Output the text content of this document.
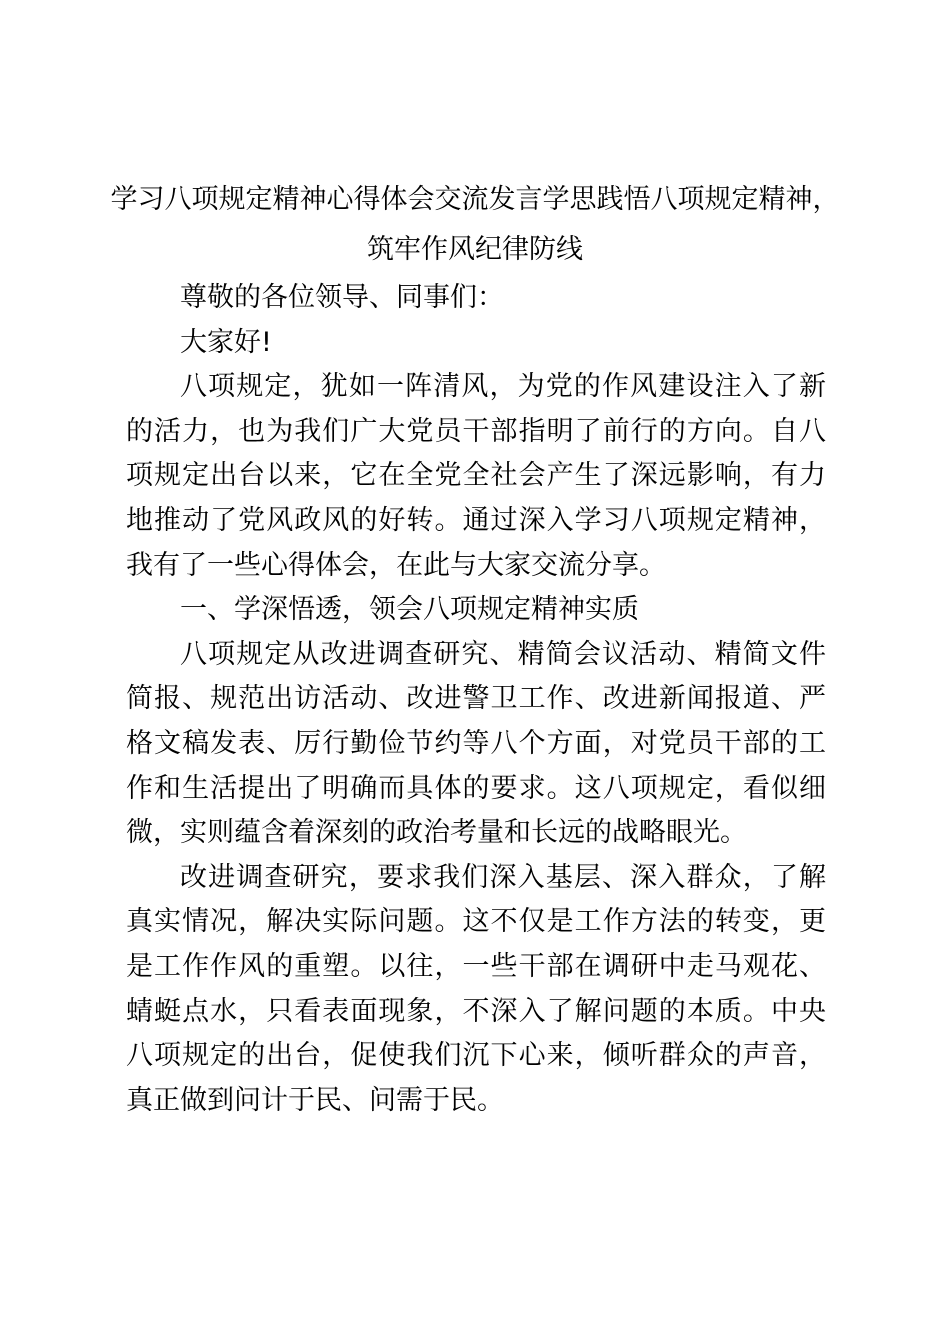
学习八项规定精神心得体会交流发言学思践悟八项规定精神，
筑牢作风纪律防线

尊敬的各位领导、同事们：

大家好!

八项规定，犹如一阵清风，为党的作风建设注入了新的活力，也为我们广大党员干部指明了前行的方向。自八项规定出台以来，它在全党全社会产生了深远影响，有力地推动了党风政风的好转。通过深入学习八项规定精神，我有了一些心得体会，在此与大家交流分享。

一、学深悟透，领会八项规定精神实质

八项规定从改进调查研究、精简会议活动、精简文件简报、规范出访活动、改进警卫工作、改进新闻报道、严格文稿发表、厉行勤俭节约等八个方面，对党员干部的工作和生活提出了明确而具体的要求。这八项规定，看似细微，实则蕴含着深刻的政治考量和长远的战略眼光。

改进调查研究，要求我们深入基层、深入群众，了解真实情况，解决实际问题。这不仅是工作方法的转变，更是工作作风的重塑。以往，一些干部在调研中走马观花、蜻蜓点水，只看表面现象，不深入了解问题的本质。中央八项规定的出台，促使我们沉下心来，倾听群众的声音，真正做到问计于民、问需于民。
